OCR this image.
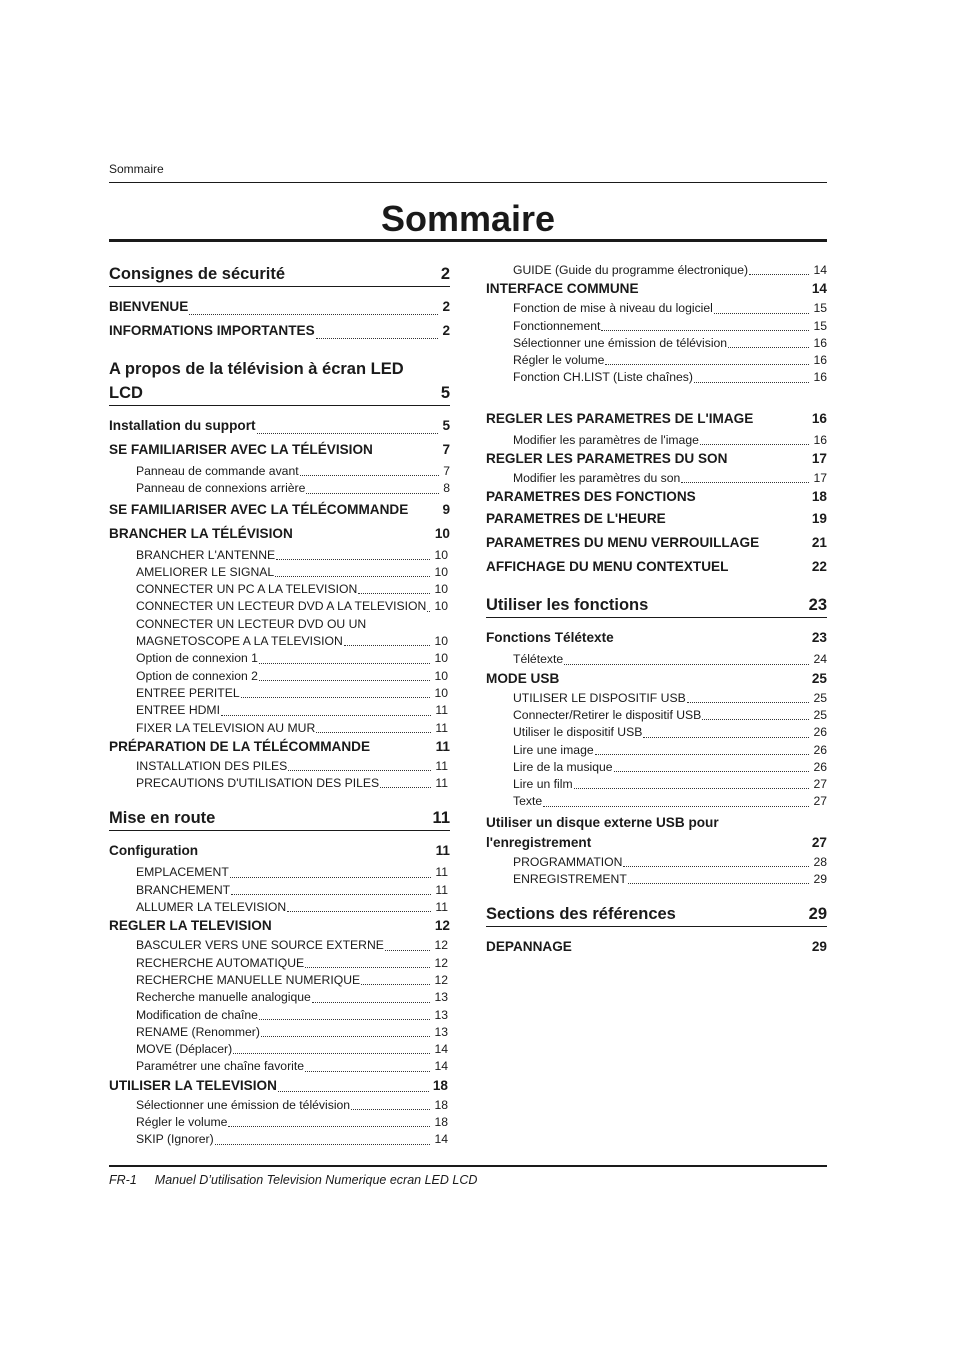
Sommaire
Sommaire
Consignes de sécurité	2
BIENVENUE	2
INFORMATIONS IMPORTANTES	2
A propos de la télévision à écran LED
LCD	5
Installation du support	5
SE FAMILIARISER AVEC LA TÉLÉVISION	7
Panneau de commande avant	7
Panneau de connexions arrière	8
SE FAMILIARISER AVEC LA TÉLÉCOMMANDE	9
BRANCHER LA TÉLÉVISION	10
BRANCHER L'ANTENNE	10
AMELIORER LE SIGNAL	10
CONNECTER UN PC A LA TELEVISION	10
CONNECTER UN LECTEUR DVD A LA TELEVISION 10
CONNECTER UN LECTEUR DVD OU UN
MAGNETOSCOPE A LA TELEVISION	10
Option de connexion 1	10
Option de connexion 2	10
ENTREE PERITEL	10
ENTREE HDMI	11
FIXER LA TELEVISION AU MUR	11
PRÉPARATION DE LA TÉLÉCOMMANDE	11
INSTALLATION DES PILES	11
PRECAUTIONS D'UTILISATION DES PILES	11
Mise en route	11
Configuration	11
EMPLACEMENT	11
BRANCHEMENT	11
ALLUMER LA TELEVISION	11
REGLER LA TELEVISION	12
BASCULER VERS UNE SOURCE EXTERNE	12
RECHERCHE AUTOMATIQUE	12
RECHERCHE MANUELLE NUMERIQUE	12
Recherche manuelle analogique	13
Modification de chaîne	13
RENAME (Renommer)	13
MOVE (Déplacer)	14
Paramétrer une chaîne favorite	14
UTILISER LA TELEVISION	18
Sélectionner une émission de télévision	18
Régler le volume	18
SKIP (Ignorer)	14
GUIDE (Guide du programme électronique)	14
INTERFACE COMMUNE	14
Fonction de mise à niveau du logiciel	15
Fonctionnement	15
Sélectionner une émission de télévision	16
Régler le volume	16
Fonction CH.LIST (Liste chaînes)	16
REGLER LES PARAMETRES DE L'IMAGE	16
Modifier les paramètres de l'image	16
REGLER LES PARAMETRES DU SON	17
Modifier les paramètres du son	17
PARAMETRES DES FONCTIONS	18
PARAMETRES DE L'HEURE	19
PARAMETRES DU MENU VERROUILLAGE	21
AFFICHAGE DU MENU CONTEXTUEL	22
Utiliser les fonctions	23
Fonctions Télétexte	23
Télétexte	24
MODE USB	25
UTILISER LE DISPOSITIF USB	25
Connecter/Retirer le dispositif USB	25
Utiliser le dispositif USB	26
Lire une image	26
Lire de la musique	26
Lire un film	27
Texte	27
Utiliser un disque externe USB pour
l'enregistrement	27
PROGRAMMATION	28
ENREGISTREMENT	29
Sections des références	29
DEPANNAGE	29
FR-1 Manuel D’utilisation Television Numerique ecran LED LCD
